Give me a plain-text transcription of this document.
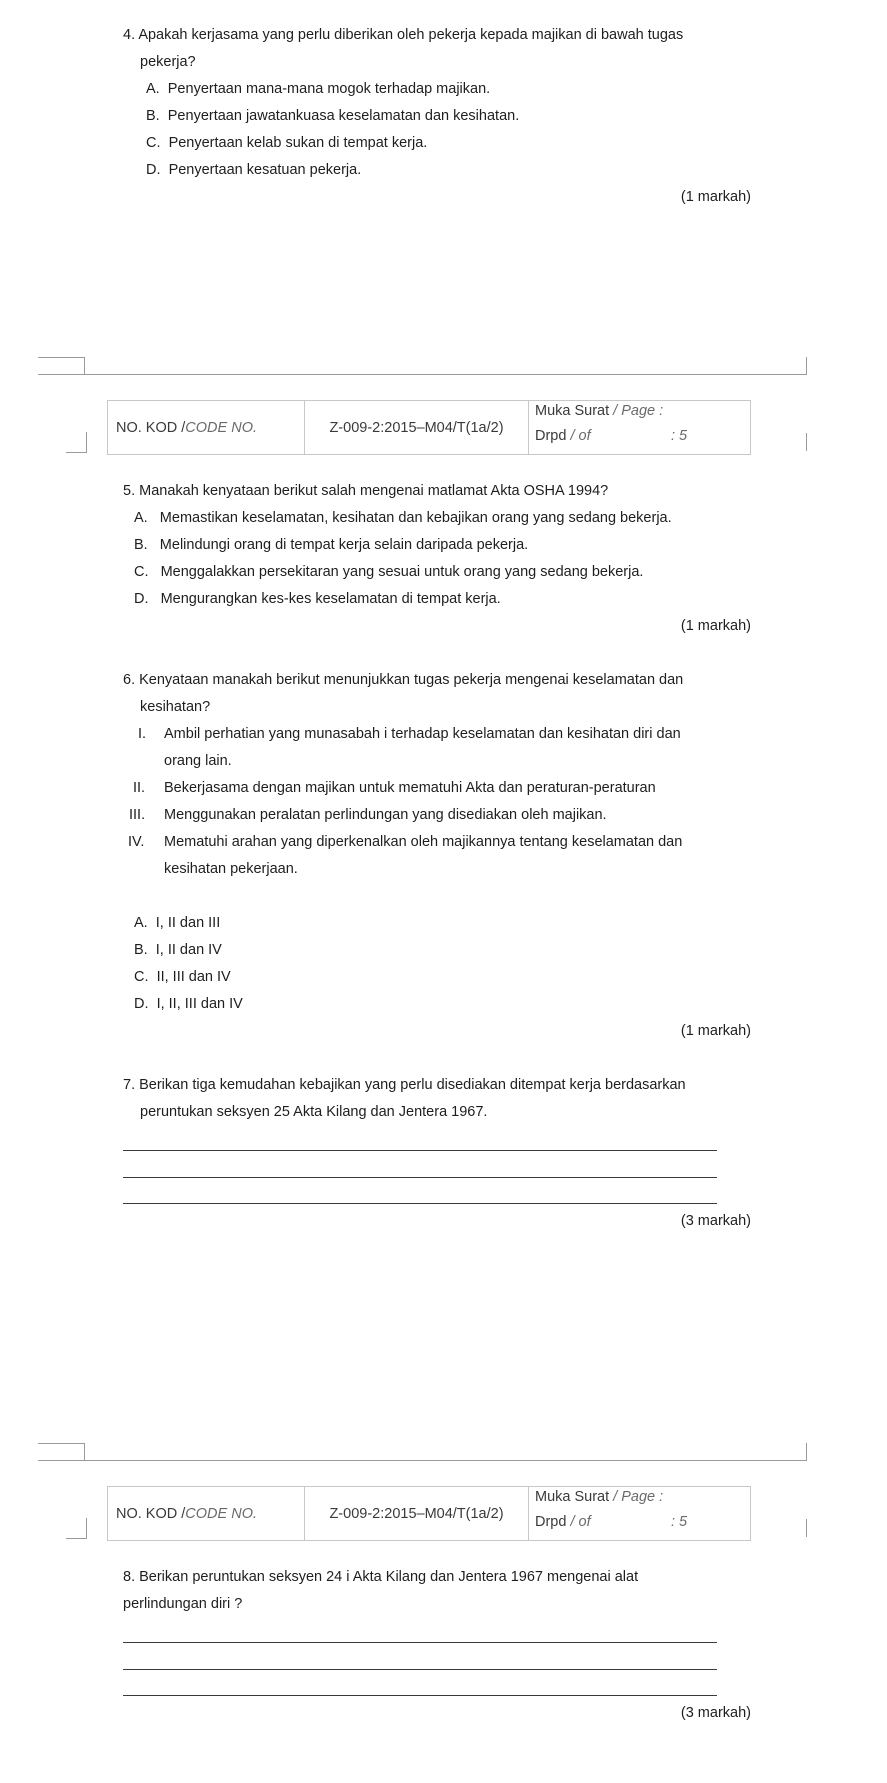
4. Apakah kerjasama yang perlu diberikan oleh pekerja kepada majikan di bawah tugas
pekerja?
A. Penyertaan mana-mana mogok terhadap majikan.
B. Penyertaan jawatankuasa keselamatan dan kesihatan.
C. Penyertaan kelab sukan di tempat kerja.
D. Penyertaan kesatuan pekerja.
(1 markah)
NO. KOD / CODE NO.	Z-009-2:2015–M04/T(1a/2)
Muka Surat / Page :
Drpd / of	: 5
5. Manakah kenyataan berikut salah mengenai matlamat Akta OSHA 1994?
A. Memastikan keselamatan, kesihatan dan kebajikan orang yang sedang bekerja.
B. Melindungi orang di tempat kerja selain daripada pekerja.
C. Menggalakkan persekitaran yang sesuai untuk orang yang sedang bekerja.
D. Mengurangkan kes-kes keselamatan di tempat kerja.
(1 markah)
6. Kenyataan manakah berikut menunjukkan tugas pekerja mengenai keselamatan dan
kesihatan?
I. Ambil perhatian yang munasabah i terhadap keselamatan dan kesihatan diri dan
orang lain.
II. Bekerjasama dengan majikan untuk mematuhi Akta dan peraturan-peraturan
III. Menggunakan peralatan perlindungan yang disediakan oleh majikan.
IV. Mematuhi arahan yang diperkenalkan oleh majikannya tentang keselamatan dan
kesihatan pekerjaan.
A. I, II dan III
B. I, II dan IV
C. II, III dan IV
D. I, II, III dan IV
(1 markah)
7. Berikan tiga kemudahan kebajikan yang perlu disediakan ditempat kerja berdasarkan
peruntukan seksyen 25 Akta Kilang dan Jentera 1967.
(3 markah)
NO. KOD / CODE NO.	Z-009-2:2015–M04/T(1a/2)
Muka Surat / Page :
Drpd / of	: 5
8. Berikan peruntukan seksyen 24 i Akta Kilang dan Jentera 1967 mengenai alat
perlindungan diri ?
(3 markah)
